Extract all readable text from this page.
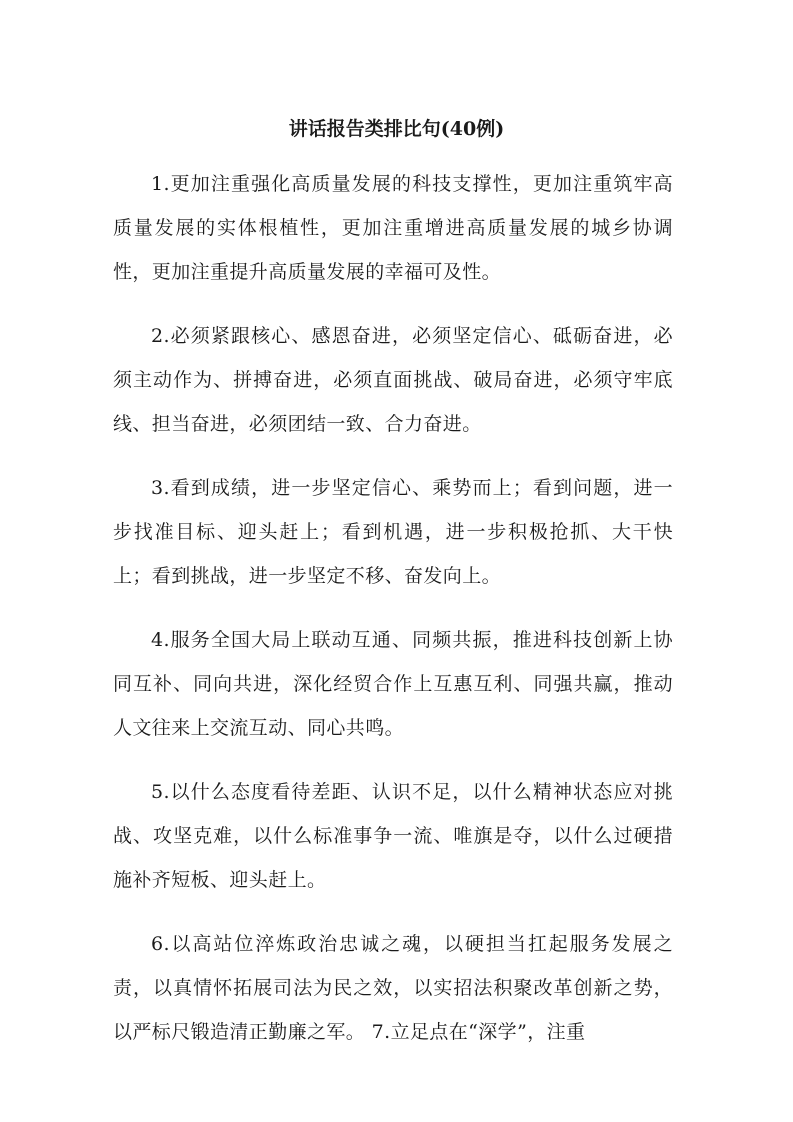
讲话报告类排比句(40例)

1.更加注重强化高质量发展的科技支撑性，更加注重筑牢高质量发展的实体根植性，更加注重增进高质量发展的城乡协调性，更加注重提升高质量发展的幸福可及性。

2.必须紧跟核心、感恩奋进，必须坚定信心、砥砺奋进，必须主动作为、拼搏奋进，必须直面挑战、破局奋进，必须守牢底线、担当奋进，必须团结一致、合力奋进。

3.看到成绩，进一步坚定信心、乘势而上；看到问题，进一步找准目标、迎头赶上；看到机遇，进一步积极抢抓、大干快上；看到挑战，进一步坚定不移、奋发向上。

4.服务全国大局上联动互通、同频共振，推进科技创新上协同互补、同向共进，深化经贸合作上互惠互利、同强共赢，推动人文往来上交流互动、同心共鸣。

5.以什么态度看待差距、认识不足，以什么精神状态应对挑战、攻坚克难，以什么标准事争一流、唯旗是夺，以什么过硬措施补齐短板、迎头赶上。

6.以高站位淬炼政治忠诚之魂，以硬担当扛起服务发展之责，以真情怀拓展司法为民之效，以实招法积聚改革创新之势，以严标尺锻造清正勤廉之军。 7.立足点在“深学”，注重
